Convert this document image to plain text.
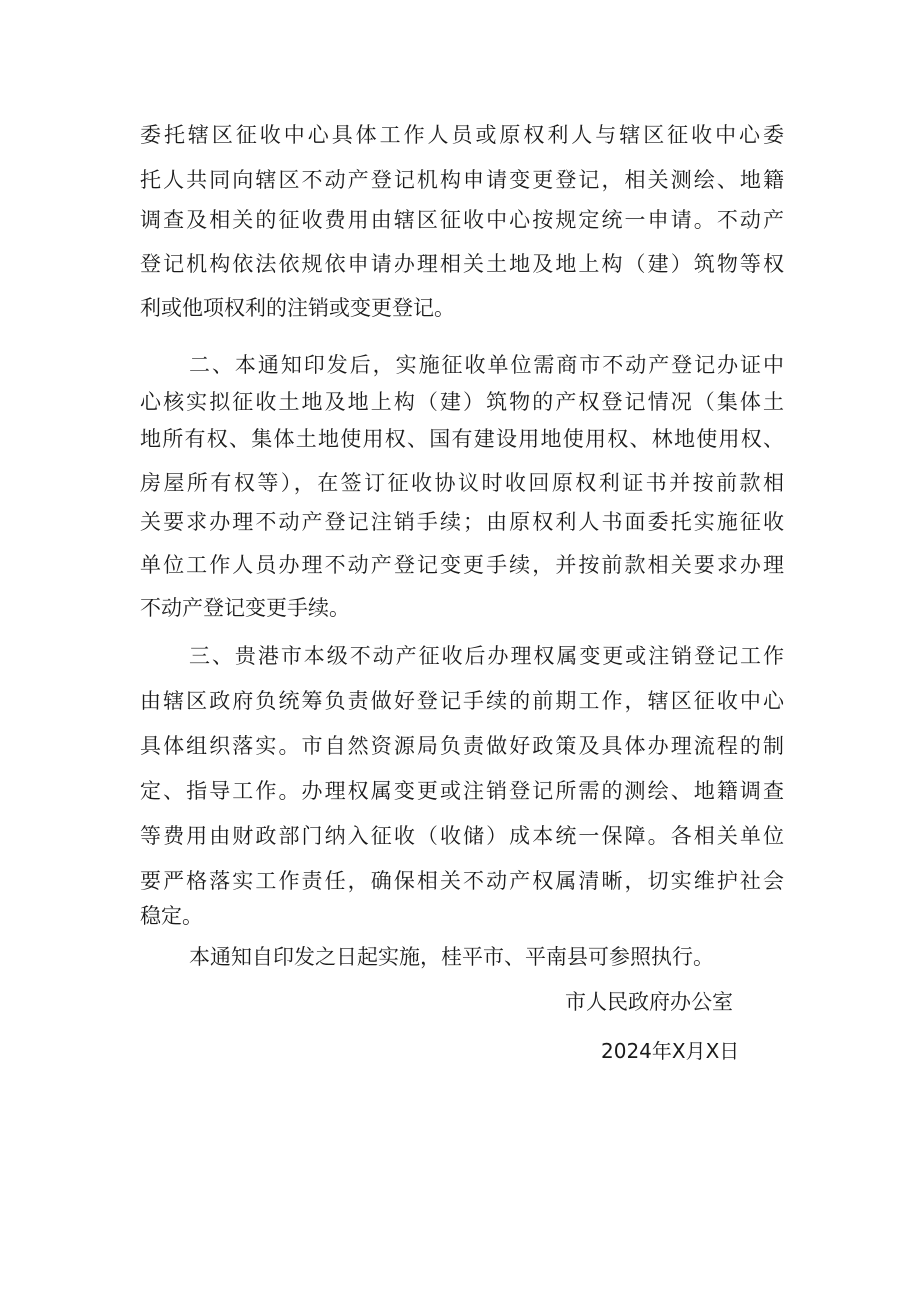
委托辖区征收中心具体工作人员或原权利人与辖区征收中心委

托人共同向辖区不动产登记机构申请变更登记，相关测绘、地籍

调查及相关的征收费用由辖区征收中心按规定统一申请。不动产

登记机构依法依规依申请办理相关土地及地上构（建）筑物等权

利或他项权利的注销或变更登记。

二、本通知印发后，实施征收单位需商市不动产登记办证中

心核实拟征收土地及地上构（建）筑物的产权登记情况（集体土

地所有权、集体土地使用权、国有建设用地使用权、林地使用权、

房屋所有权等），在签订征收协议时收回原权利证书并按前款相

关要求办理不动产登记注销手续；由原权利人书面委托实施征收

单位工作人员办理不动产登记变更手续，并按前款相关要求办理

不动产登记变更手续。

三、贵港市本级不动产征收后办理权属变更或注销登记工作

由辖区政府负统筹负责做好登记手续的前期工作，辖区征收中心

具体组织落实。市自然资源局负责做好政策及具体办理流程的制

定、指导工作。办理权属变更或注销登记所需的测绘、地籍调查

等费用由财政部门纳入征收（收储）成本统一保障。各相关单位

要严格落实工作责任，确保相关不动产权属清晰，切实维护社会

稳定。

本通知自印发之日起实施，桂平市、平南县可参照执行。

市人民政府办公室

2024年X月X日
